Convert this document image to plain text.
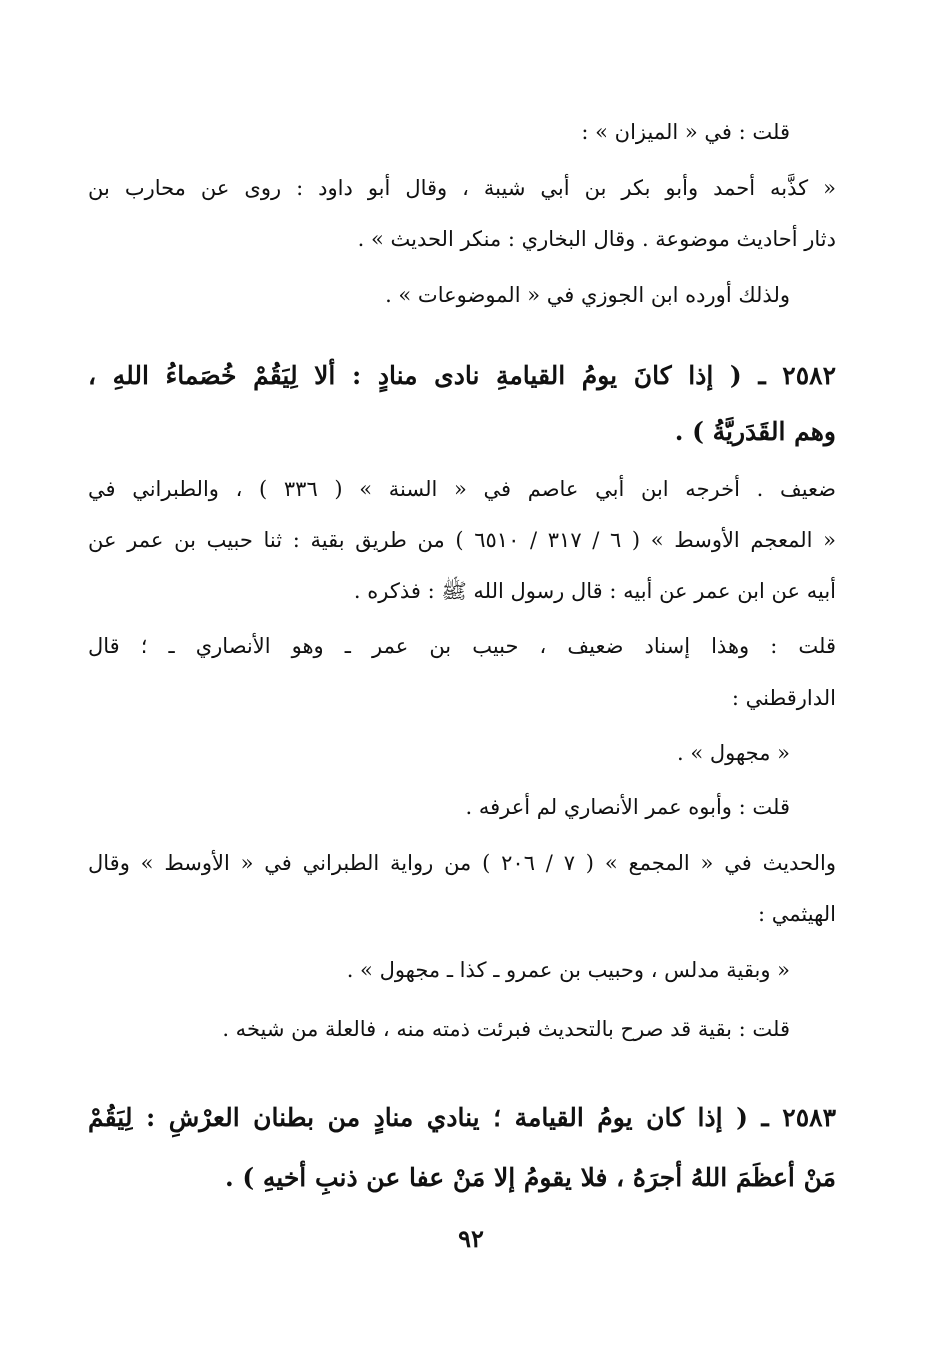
قلت : في « الميزان » :
« كذَّبه أحمد وأبو بكر بن أبي شيبة ، وقال أبو داود : روى عن محارب بن
دثار أحاديث موضوعة . وقال البخاري : منكر الحديث » .
ولذلك أورده ابن الجوزي في « الموضوعات » .
٢٥٨٢ ـ ( إذا كانَ يومُ القيامةِ نادى منادٍ : ألا لِيَقُمْ خُصَماءُ اللهِ ،
وهم القَدَريَّةُ ) .
ضعيف . أخرجه ابن أبي عاصم في « السنة » ( ٣٣٦ ) ، والطبراني في
« المعجم الأوسط » ( ٦ / ٣١٧ / ٦٥١٠ ) من طريق بقية : ثنا حبيب بن عمر عن
أبيه عن ابن عمر عن أبيه : قال رسول الله ﷺ : فذكره .
قلت : وهذا إسناد ضعيف ، حبيب بن عمر ـ وهو الأنصاري ـ ؛ قال
الدارقطني :
« مجهول » .
قلت : وأبوه عمر الأنصاري لم أعرفه .
والحديث في « المجمع » ( ٧ / ٢٠٦ ) من رواية الطبراني في « الأوسط » وقال
الهيثمي :
« وبقية مدلس ، وحبيب بن عمرو ـ كذا ـ مجهول » .
قلت : بقية قد صرح بالتحديث فبرئت ذمته منه ، فالعلة من شيخه .
٢٥٨٣ ـ ( إذا كان يومُ القيامة ؛ ينادي منادٍ من بطنان العرْشِ : لِيَقُمْ
مَنْ أعظَمَ اللهُ أجرَهُ ، فلا يقومُ إلا مَنْ عفا عن ذنبِ أخيهِ ) .
٩٢
